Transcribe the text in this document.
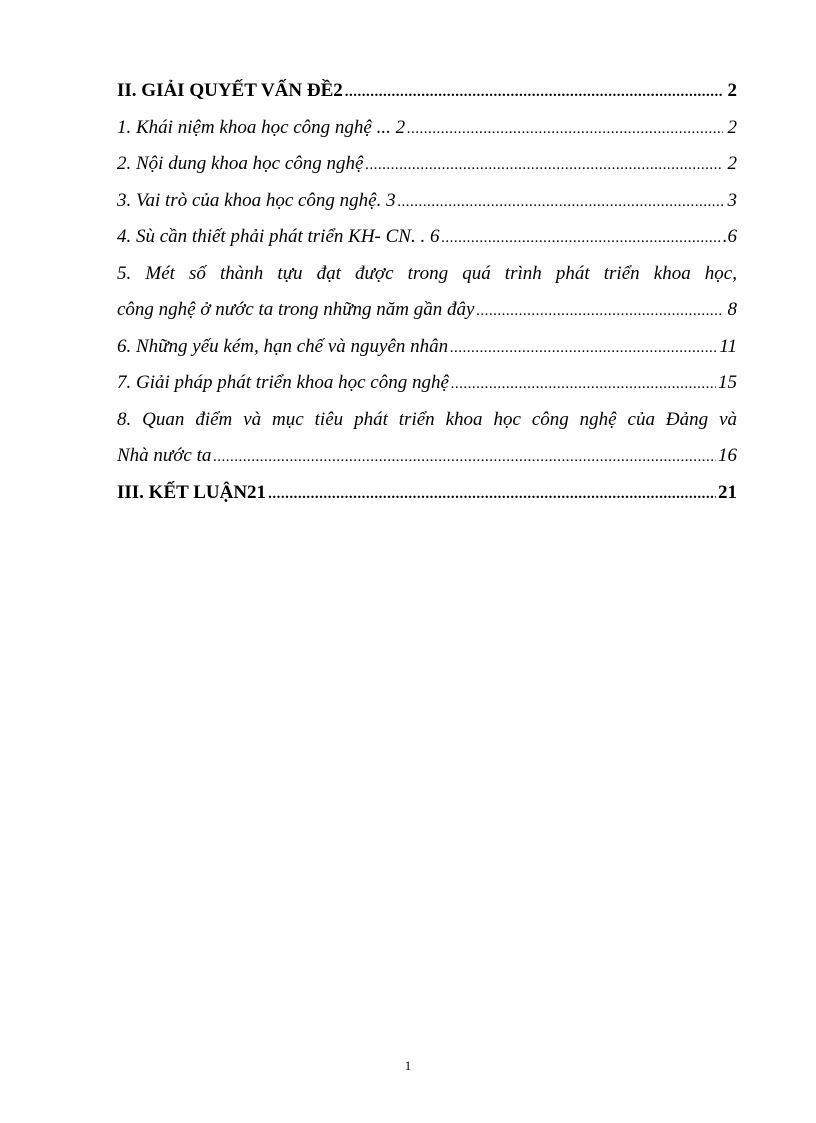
II. GIẢI QUYẾT VẤN ĐỀ2 .....	2
1. Khái niệm khoa học công nghệ ... 2 .....	2
2. Nội dung khoa học công nghệ .....	2
3. Vai trò của khoa học công nghệ. 3 .....	3
4. Sù cần thiết phải phát triển KH- CN. . 6 .....	.6
5. Mét số thành tựu đạt được trong quá trình phát triển khoa học,
công nghệ ở nước ta trong những năm gần đây .....	8
6. Những yếu kém, hạn chế và nguyên nhân .....	11
7. Giải pháp phát triển khoa học công nghệ .....	15
8. Quan điểm và mục tiêu phát triển khoa học công nghệ của Đảng và
Nhà nước ta .....	16
III. KẾT LUẬN21 .....	21
1
